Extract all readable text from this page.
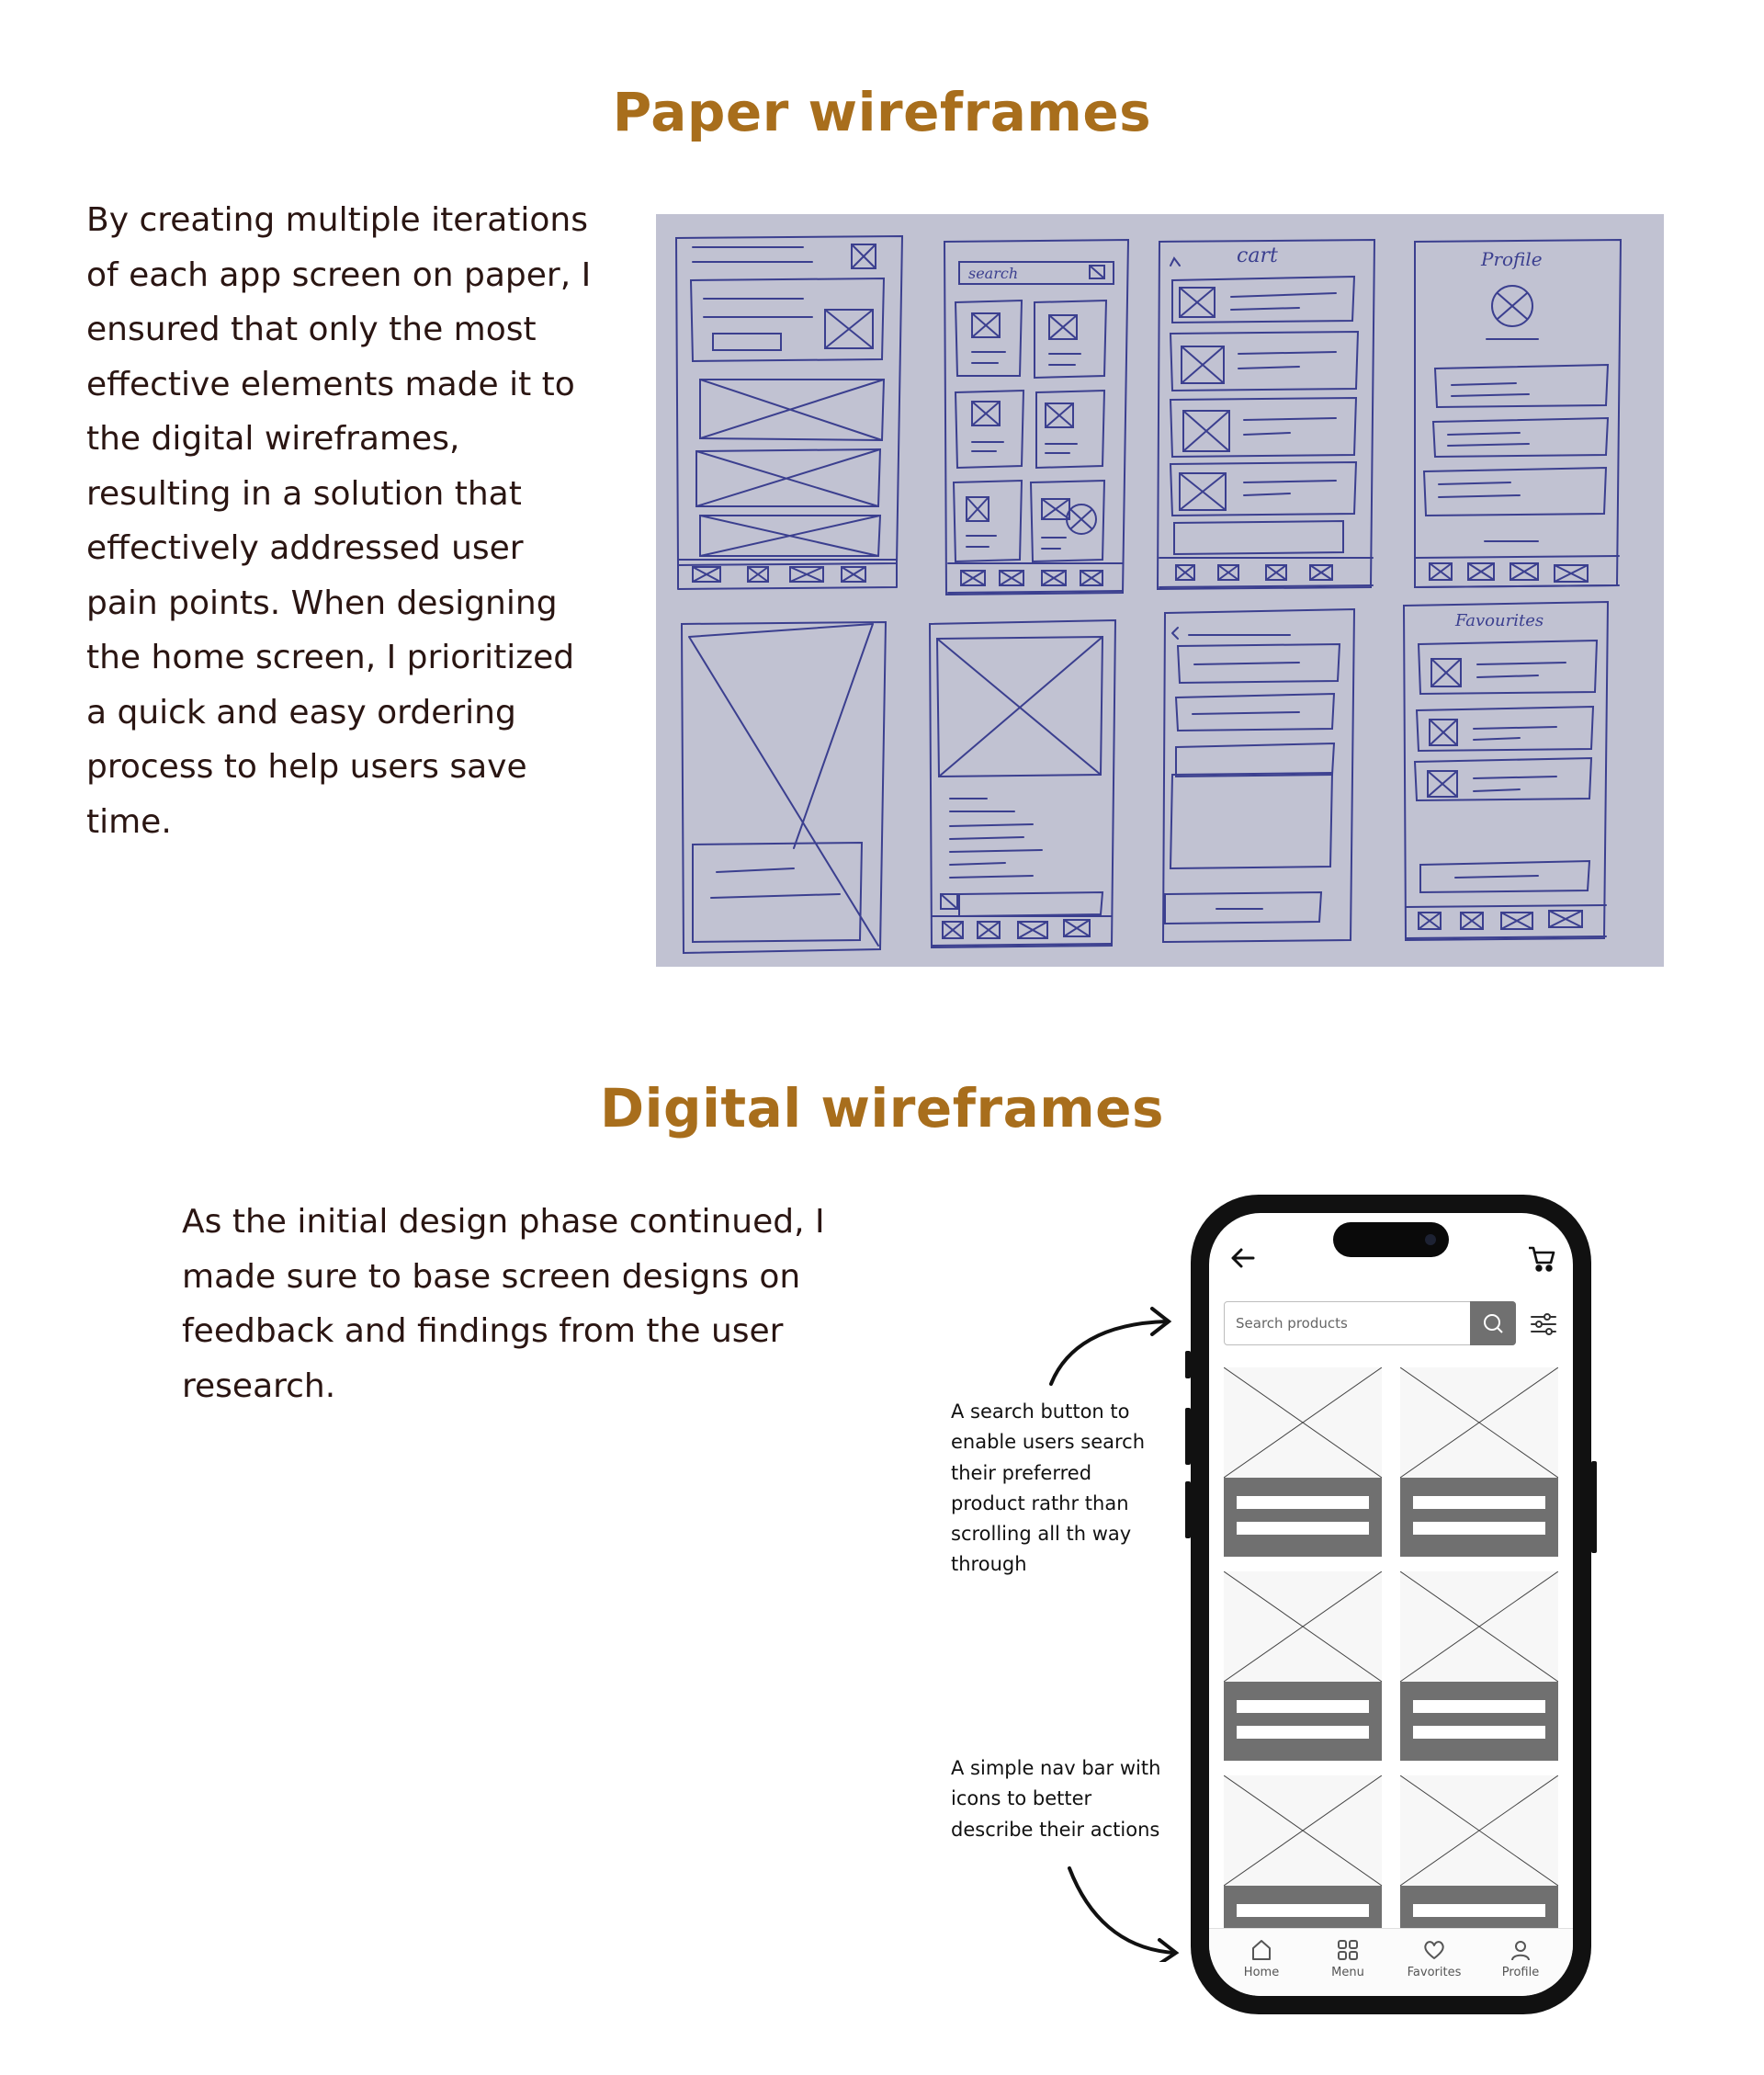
Paper wireframes

By creating multiple iterations of each app screen on paper, I ensured that only the most effective elements made it to the digital wireframes, resulting in a solution that effectively addressed user pain points. When designing the home screen, I prioritized a quick and easy ordering process to help users save time.

search
cart	Profile
Favourites
Digital wireframes

As the initial design phase continued, I made sure to base screen designs on feedback and findings from the user research.

A search button to enable users search their preferred product rathr than scrolling all th way through

A simple nav bar with icons to better describe their actions

Search products
Home	Menu	Favorites	Profile
